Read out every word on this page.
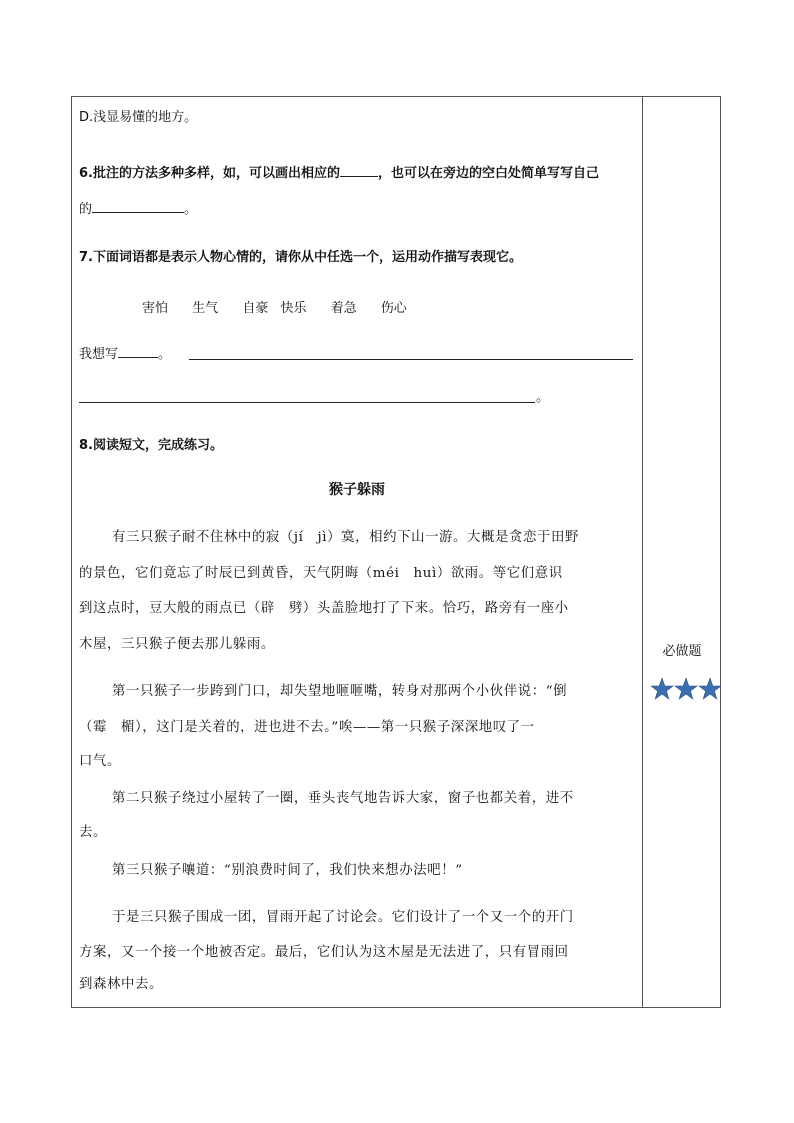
D.浅显易懂的地方。
6.批注的方法多种多样，如，可以画出相应的	，也可以在旁边的空白处简单写写自己
的	。
7.下面词语都是表示人物心情的，请你从中任选一个，运用动作描写表现它。
害怕 生气 自豪 快乐 着急 伤心
我想写	。
。
8.阅读短文，完成练习。
猴子躲雨
有三只猴子耐不住林中的寂（jí　jì）寞，相约下山一游。大概是贪恋于田野
的景色，它们竟忘了时辰已到黄昏，天气阴晦（méi　huì）欲雨。等它们意识
到这点时，豆大般的雨点已（辟　劈）头盖脸地打了下来。恰巧，路旁有一座小
木屋，三只猴子便去那儿躲雨。
第一只猴子一步跨到门口，却失望地咂咂嘴，转身对那两个小伙伴说：“倒
（霉　楣），这门是关着的，进也进不去。”唉——第一只猴子深深地叹了一
口气。
第二只猴子绕过小屋转了一圈，垂头丧气地告诉大家，窗子也都关着，进不
去。
第三只猴子嚷道：“别浪费时间了，我们快来想办法吧！”
于是三只猴子围成一团，冒雨开起了讨论会。它们设计了一个又一个的开门
方案，又一个接一个地被否定。最后，它们认为这木屋是无法进了，只有冒雨回
到森林中去。
必做题
